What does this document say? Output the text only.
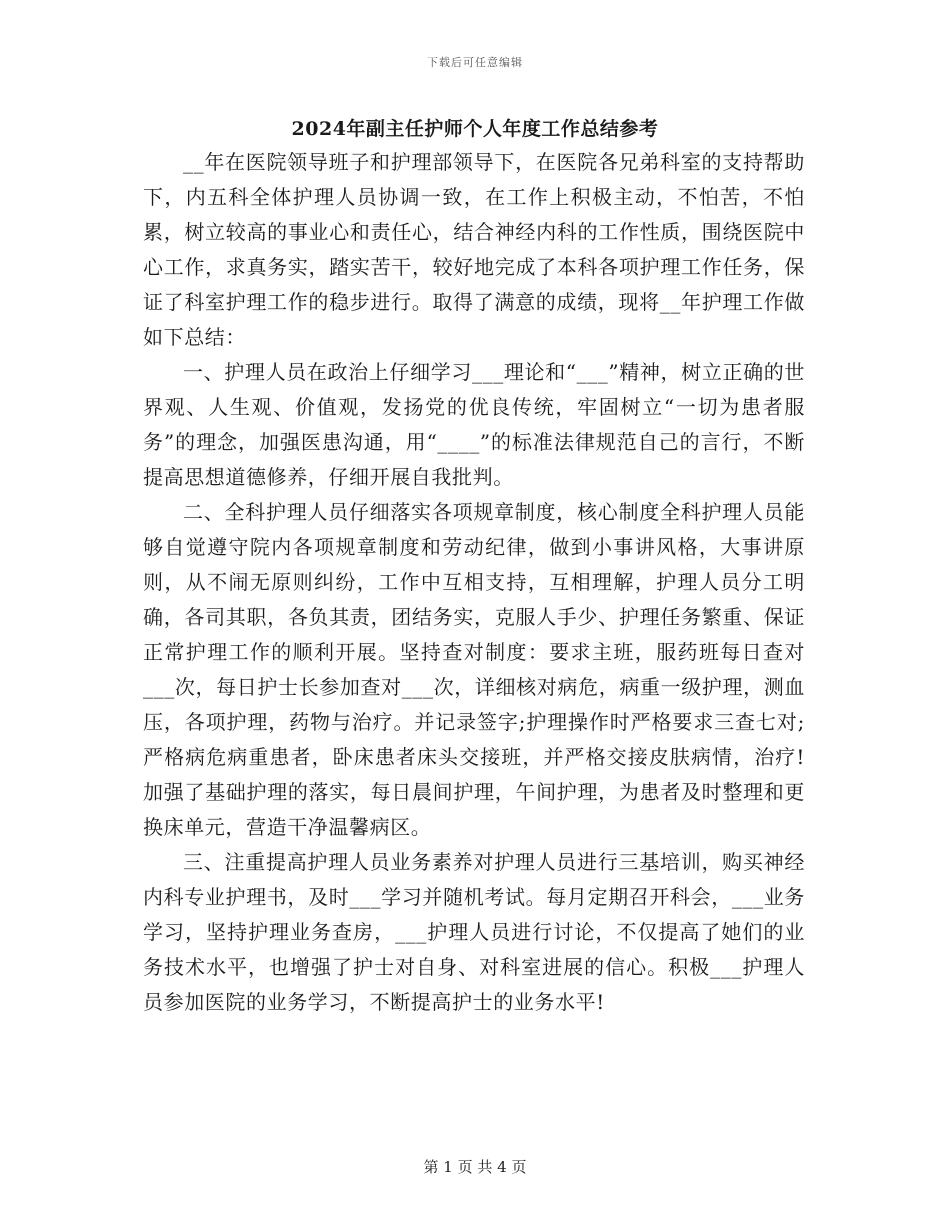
下载后可任意编辑
2024年副主任护师个人年度工作总结参考

__年在医院领导班子和护理部领导下，在医院各兄弟科室的支持帮助下，内五科全体护理人员协调一致，在工作上积极主动，不怕苦，不怕累，树立较高的事业心和责任心，结合神经内科的工作性质，围绕医院中心工作，求真务实，踏实苦干，较好地完成了本科各项护理工作任务，保证了科室护理工作的稳步进行。取得了满意的成绩，现将__年护理工作做如下总结：

一、护理人员在政治上仔细学习___理论和“___”精神，树立正确的世界观、人生观、价值观，发扬党的优良传统，牢固树立“一切为患者服务”的理念，加强医患沟通，用“____”的标准法律规范自己的言行，不断提高思想道德修养，仔细开展自我批判。

二、全科护理人员仔细落实各项规章制度，核心制度全科护理人员能够自觉遵守院内各项规章制度和劳动纪律，做到小事讲风格，大事讲原则，从不闹无原则纠纷，工作中互相支持，互相理解，护理人员分工明确，各司其职，各负其责，团结务实，克服人手少、护理任务繁重、保证正常护理工作的顺利开展。坚持查对制度：要求主班，服药班每日查对___次，每日护士长参加查对___次，详细核对病危，病重一级护理，测血压，各项护理，药物与治疗。并记录签字;护理操作时严格要求三查七对;严格病危病重患者，卧床患者床头交接班，并严格交接皮肤病情，治疗!加强了基础护理的落实，每日晨间护理，午间护理，为患者及时整理和更换床单元，营造干净温馨病区。

三、注重提高护理人员业务素养对护理人员进行三基培训，购买神经内科专业护理书，及时___学习并随机考试。每月定期召开科会，___业务学习，坚持护理业务查房，___护理人员进行讨论，不仅提高了她们的业务技术水平，也增强了护士对自身、对科室进展的信心。积极___护理人员参加医院的业务学习，不断提高护士的业务水平!

第 1 页 共 4 页
